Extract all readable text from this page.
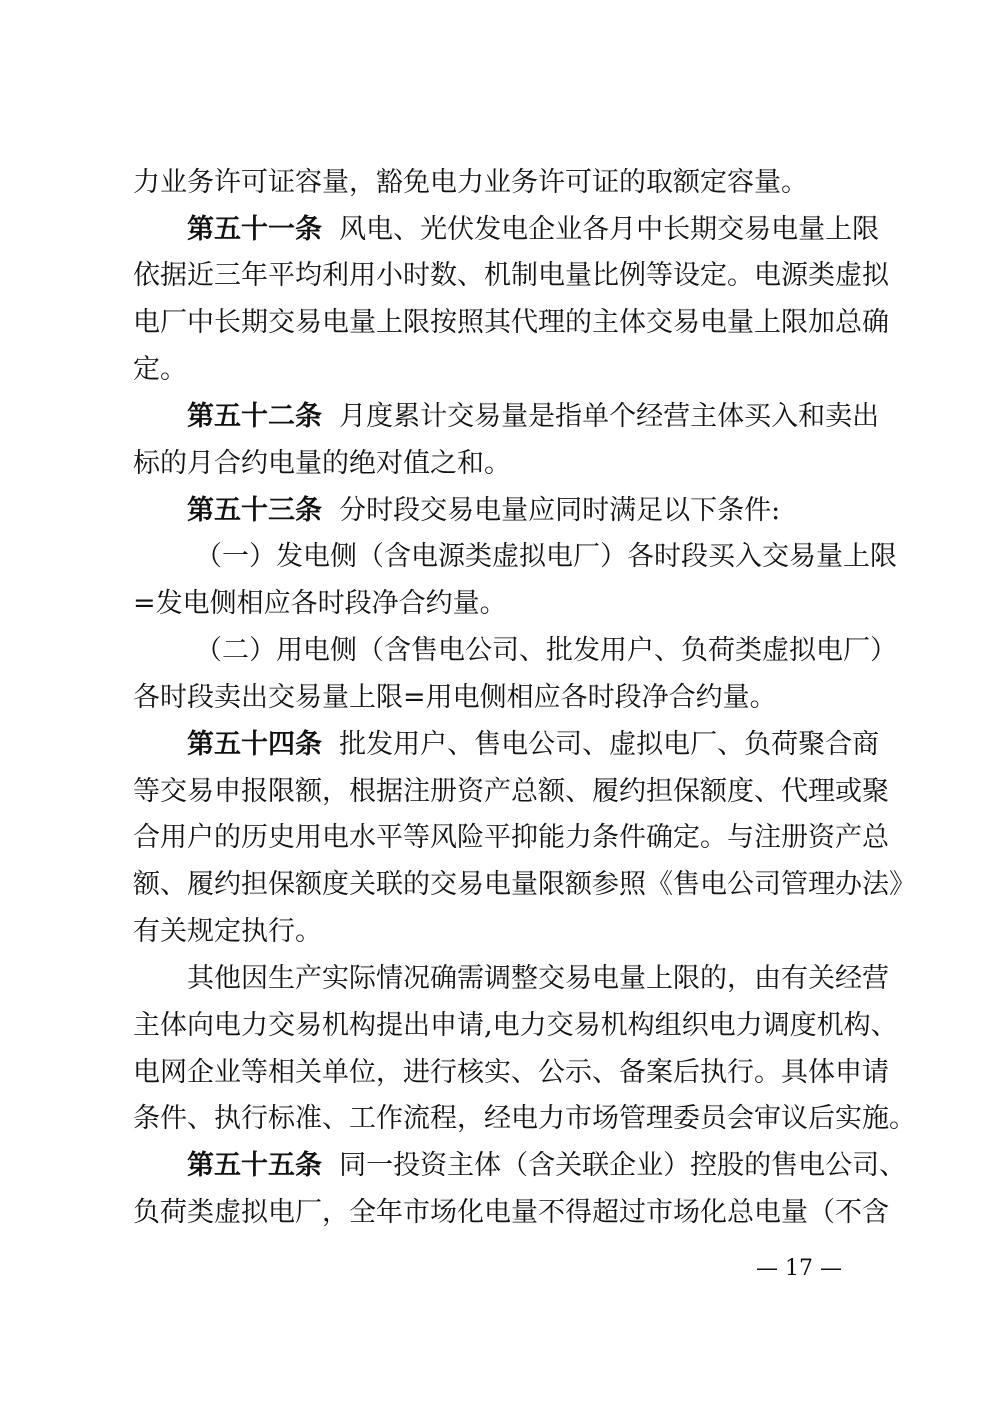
力业务许可证容量，豁免电力业务许可证的取额定容量。
第五十一条 风电、光伏发电企业各月中长期交易电量上限
依据近三年平均利用小时数、机制电量比例等设定。电源类虚拟
电厂中长期交易电量上限按照其代理的主体交易电量上限加总确
定。
第五十二条 月度累计交易量是指单个经营主体买入和卖出
标的月合约电量的绝对值之和。
第五十三条 分时段交易电量应同时满足以下条件:
（一）发电侧（含电源类虚拟电厂）各时段买入交易量上限
=发电侧相应各时段净合约量。
（二）用电侧（含售电公司、批发用户、负荷类虚拟电厂）
各时段卖出交易量上限=用电侧相应各时段净合约量。
第五十四条 批发用户、售电公司、虚拟电厂、负荷聚合商
等交易申报限额，根据注册资产总额、履约担保额度、代理或聚
合用户的历史用电水平等风险平抑能力条件确定。与注册资产总
额、履约担保额度关联的交易电量限额参照《售电公司管理办法》
有关规定执行。
其他因生产实际情况确需调整交易电量上限的，由有关经营
主体向电力交易机构提出申请,电力交易机构组织电力调度机构、
电网企业等相关单位，进行核实、公示、备案后执行。具体申请
条件、执行标准、工作流程，经电力市场管理委员会审议后实施。
第五十五条 同一投资主体（含关联企业）控股的售电公司、
负荷类虚拟电厂，全年市场化电量不得超过市场化总电量（不含
— 17 —
